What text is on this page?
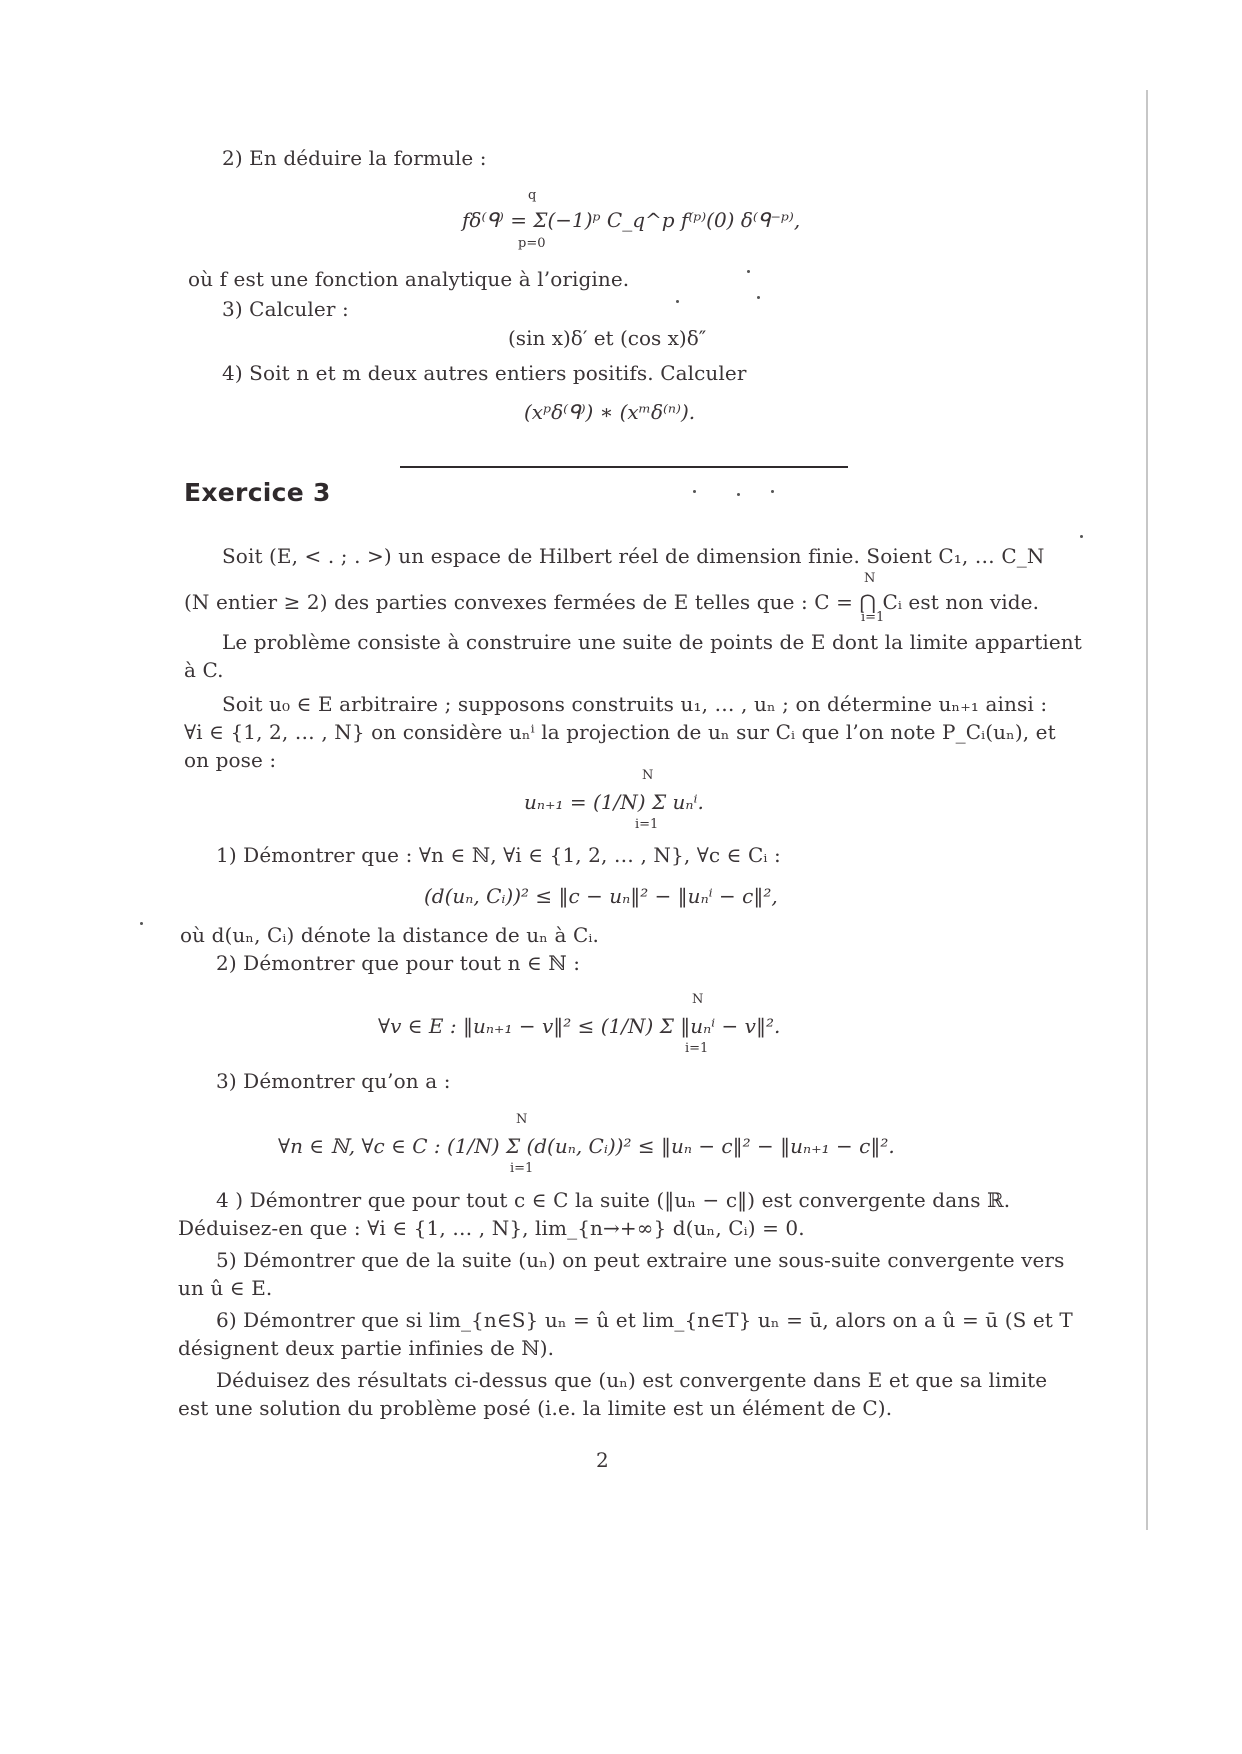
2) En déduire la formule :
q
fδ⁽ᑫ⁾ = Σ(−1)ᵖ C_q^p f⁽ᵖ⁾(0) δ⁽ᑫ⁻ᵖ⁾,
p=0
où f est une fonction analytique à l’origine.
3) Calculer :
(sin x)δ′ et (cos x)δ″
4) Soit n et m deux autres entiers positifs. Calculer
(xᵖδ⁽ᑫ⁾) ∗ (xᵐδ⁽ⁿ⁾).
Exercice 3
Soit (E, < . ; . >) un espace de Hilbert réel de dimension finie. Soient C₁, … C_N
N
(N entier ≥ 2) des parties convexes fermées de E telles que : C = ⋂ Cᵢ est non vide.
i=1
Le problème consiste à construire une suite de points de E dont la limite appartient
à C.
Soit u₀ ∈ E arbitraire ; supposons construits u₁, … , uₙ ; on détermine uₙ₊₁ ainsi :
∀i ∈ {1, 2, … , N} on considère uₙⁱ la projection de uₙ sur Cᵢ que l’on note P_Cᵢ(uₙ), et
on pose :
N
uₙ₊₁ = (1/N) Σ uₙⁱ.
i=1
1) Démontrer que : ∀n ∈ ℕ, ∀i ∈ {1, 2, … , N}, ∀c ∈ Cᵢ :
(d(uₙ, Cᵢ))² ≤ ‖c − uₙ‖² − ‖uₙⁱ − c‖²,
où d(uₙ, Cᵢ) dénote la distance de uₙ à Cᵢ.
2) Démontrer que pour tout n ∈ ℕ :
N
∀v ∈ E : ‖uₙ₊₁ − v‖² ≤ (1/N) Σ ‖uₙⁱ − v‖².
i=1
3) Démontrer qu’on a :
N
∀n ∈ ℕ, ∀c ∈ C : (1/N) Σ (d(uₙ, Cᵢ))² ≤ ‖uₙ − c‖² − ‖uₙ₊₁ − c‖².
i=1
4 ) Démontrer que pour tout c ∈ C la suite (‖uₙ − c‖) est convergente dans ℝ.
Déduisez-en que : ∀i ∈ {1, … , N}, lim_{n→+∞} d(uₙ, Cᵢ) = 0.
5) Démontrer que de la suite (uₙ) on peut extraire une sous-suite convergente vers
un û ∈ E.
6) Démontrer que si lim_{n∈S} uₙ = û et lim_{n∈T} uₙ = ū, alors on a û = ū (S et T
désignent deux partie infinies de ℕ).
Déduisez des résultats ci-dessus que (uₙ) est convergente dans E et que sa limite
est une solution du problème posé (i.e. la limite est un élément de C).
2
